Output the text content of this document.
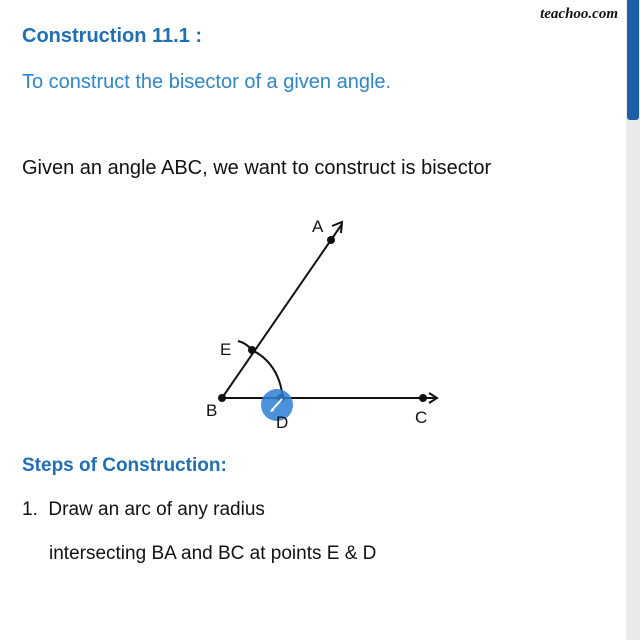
teachoo.com
Construction 11.1 :
To construct the bisector of a given angle.
Given an angle ABC, we want to construct is bisector
A
E
B
D	C
Steps of Construction:
1. Draw an arc of any radius
intersecting BA and BC at points E & D
